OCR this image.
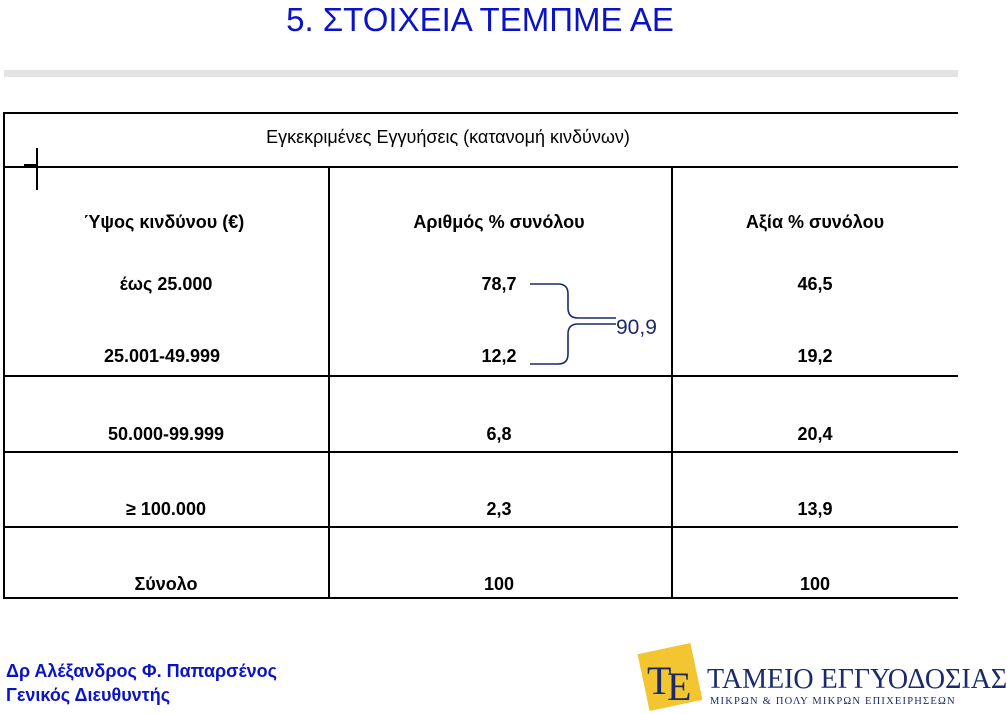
5. ΣΤΟΙΧΕΙΑ ΤΕΜΠΜΕ ΑΕ
Εγκεκριμένες Εγγυήσεις (κατανομή κινδύνων)
Ύψος κινδύνου (€)	Αριθμός % συνόλου	Αξία % συνόλου
έως 25.000	78,7	46,5
25.001-49.999	12,2	19,2
90,9
50.000-99.999	6,8	20,4
≥ 100.000	2,3	13,9
Σύνολο	100	100
Δρ Αλέξανδρος Φ. Παπαρσένος
Γενικός Διευθυντής	T
E ΤΑΜΕΙΟ ΕΓΓΥΟΔΟΣΙΑΣ
ΜΙΚΡΩΝ & ΠΟΛΥ ΜΙΚΡΩΝ ΕΠΙΧΕΙΡΗΣΕΩΝ
